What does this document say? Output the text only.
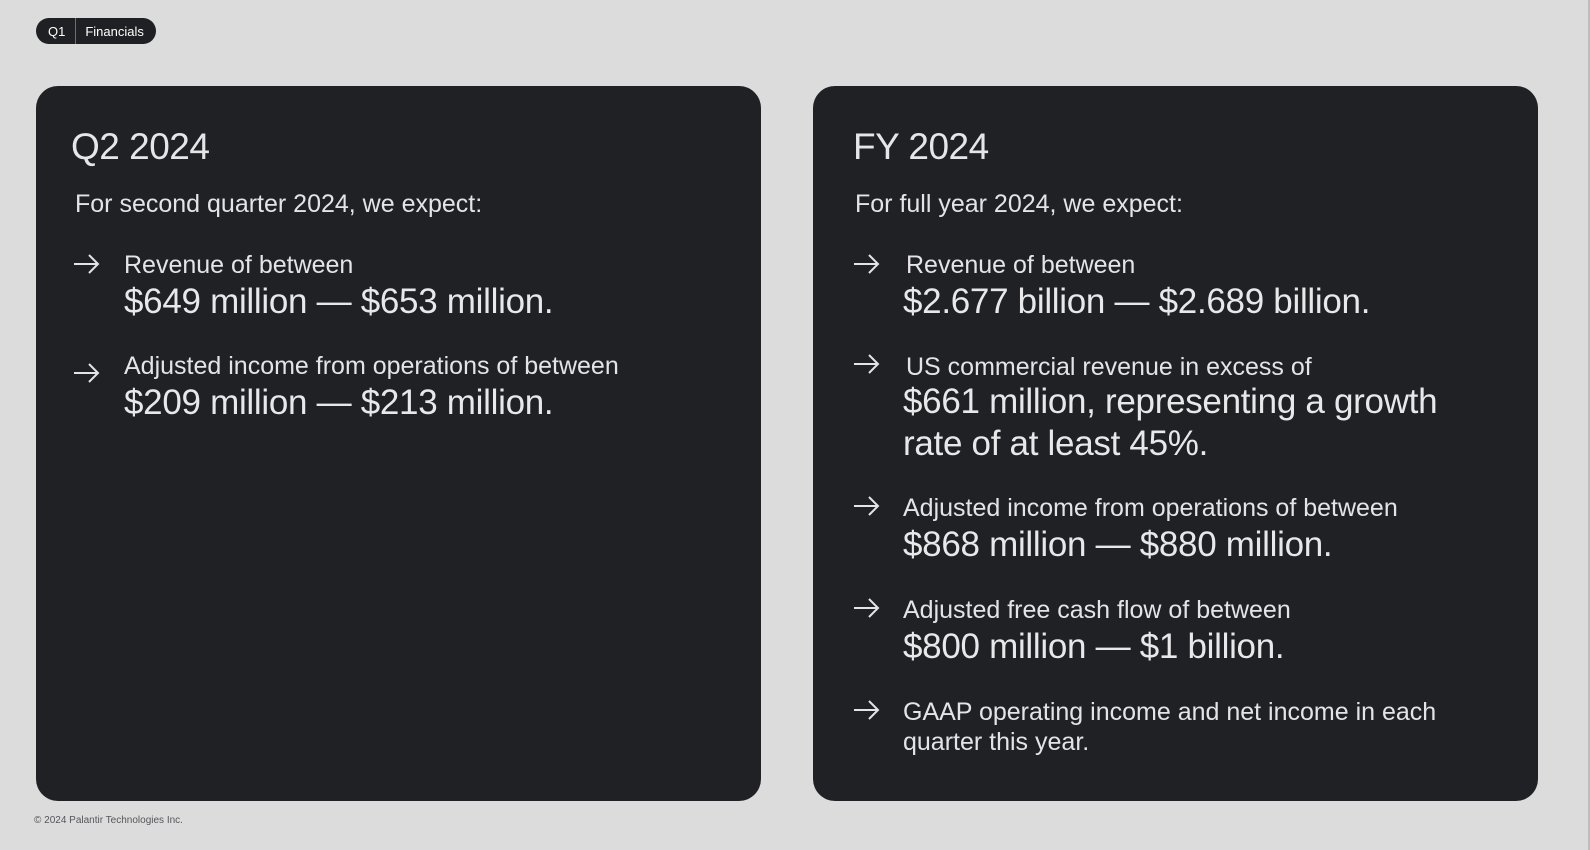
Q1	Financials
Q2 2024
For second quarter 2024, we expect:
Revenue of between
$649 million — $653 million.
Adjusted income from operations of between
$209 million — $213 million.
FY 2024
For full year 2024, we expect:
Revenue of between
$2.677 billion — $2.689 billion.
US commercial revenue in excess of
$661 million, representing a growth
rate of at least 45%.
Adjusted income from operations of between
$868 million — $880 million.
Adjusted free cash flow of between
$800 million — $1 billion.
GAAP operating income and net income in each quarter this year.
© 2024 Palantir Technologies Inc.
